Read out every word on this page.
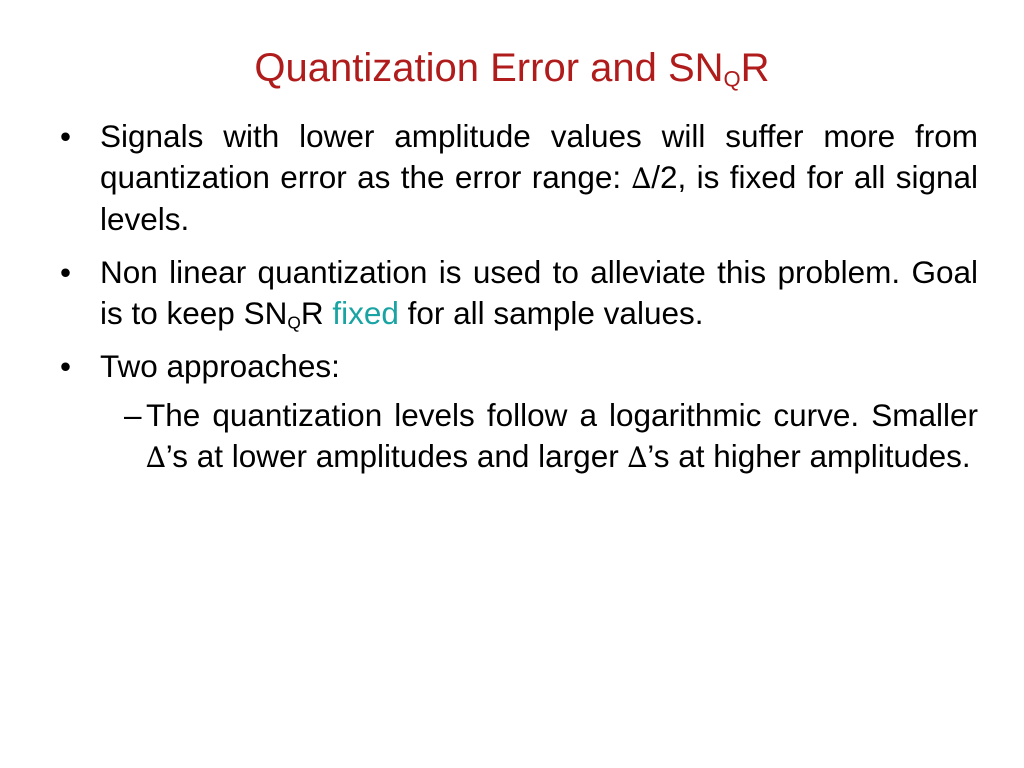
Quantization Error and $SN_QR$
• Signals with lower amplitude values will suffer more from quantization error as the error range: ∆/2, is fixed for all signal levels.
• Non linear quantization is used to alleviate this problem. Goal is to keep $SN_QR$ fixed for all sample values.
• Two approaches:
– The quantization levels follow a logarithmic curve. Smaller ∆’s at lower amplitudes and larger ∆’s at higher amplitudes.
